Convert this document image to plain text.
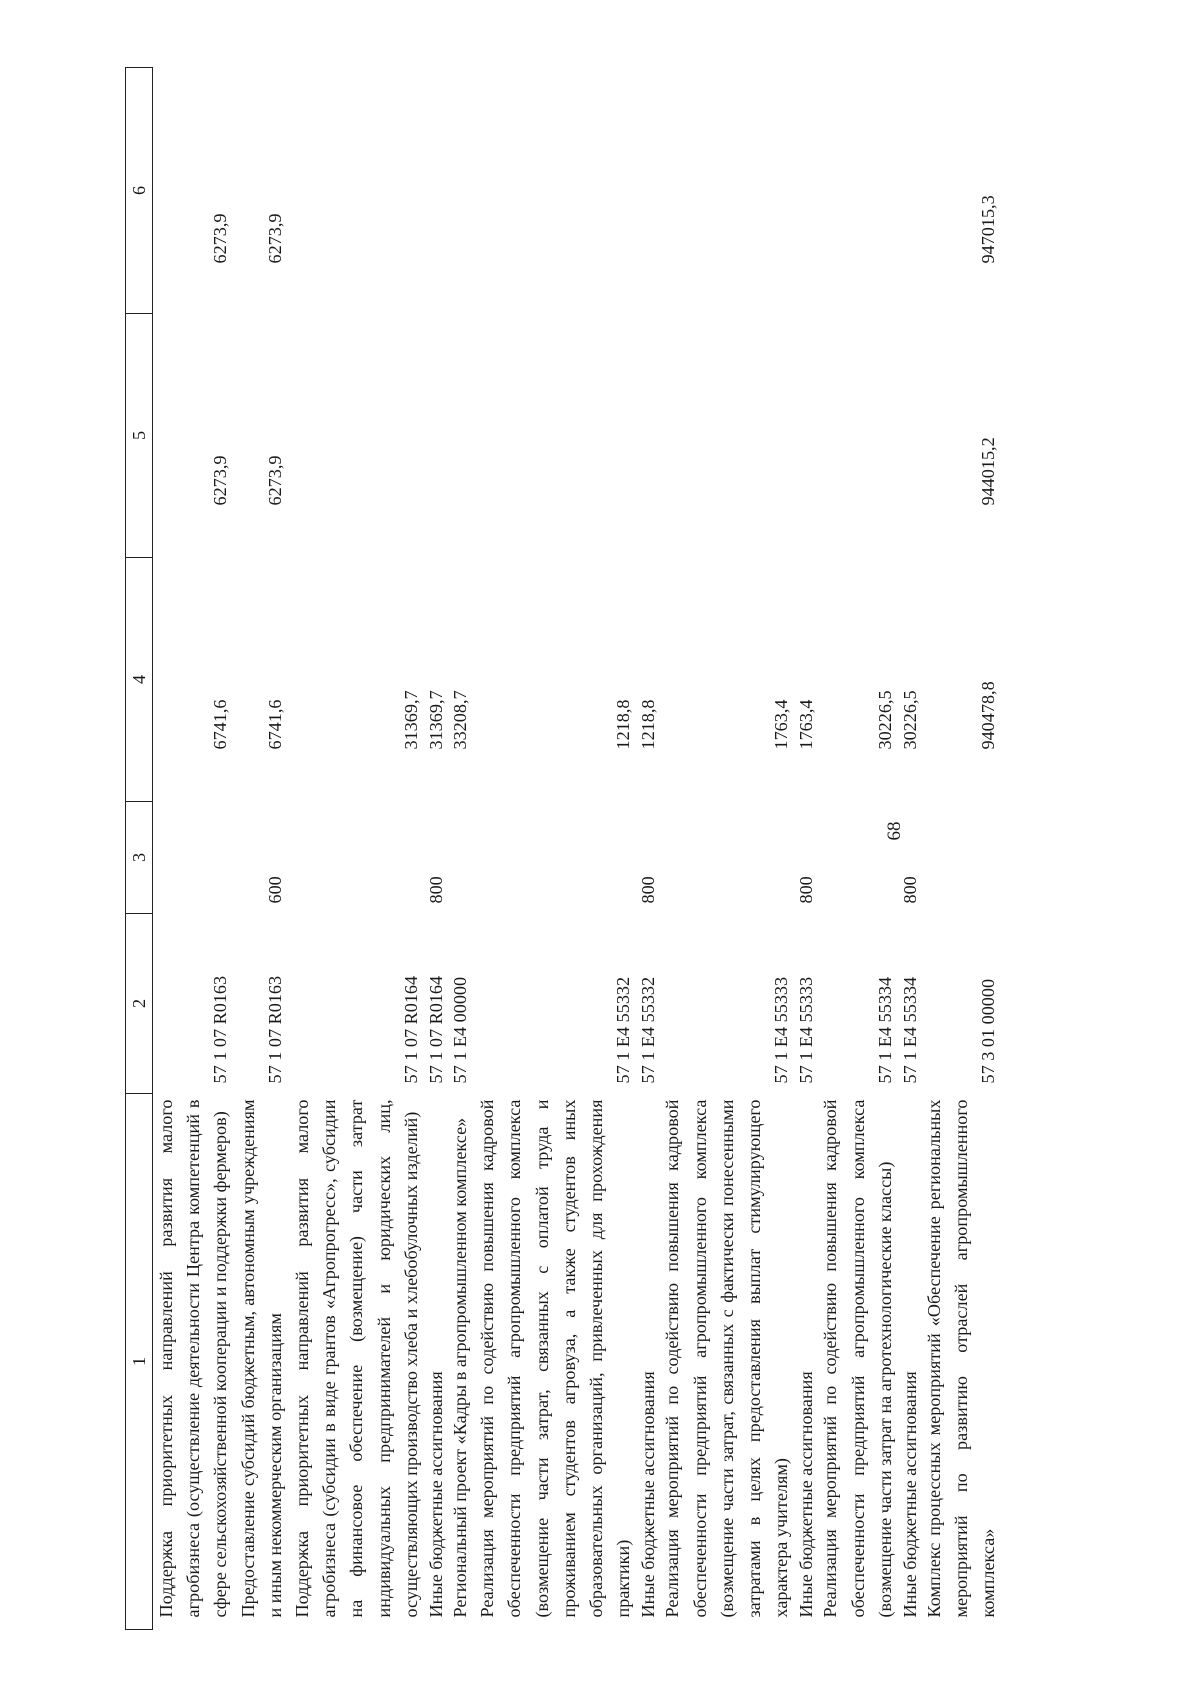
68
1	2	3	4	5	6
Поддержка приоритетных направлений развития малого агробизнеса (осуществление деятельности Центра компетенций в сфере сельскохозяйственной кооперации и поддержки фермеров)	57 1 07 R0163		6741,6	6273,9	6273,9
Предоставление субсидий бюджетным, автономным учреждениям и иным некоммерческим организациям	57 1 07 R0163	600	6741,6	6273,9	6273,9
Поддержка приоритетных направлений развития малого агробизнеса (субсидии в виде грантов «Агропрогресс», субсидии на финансовое обеспечение (возмещение) части затрат индивидуальных предпринимателей и юридических лиц, осуществляющих производство хлеба и хлебобулочных изделий)	57 1 07 R0164		31369,7		
Иные бюджетные ассигнования	57 1 07 R0164	800	31369,7		
Региональный проект «Кадры в агропромышленном комплексе»	57 1 Е4 00000		33208,7		
Реализация мероприятий по содействию повышения кадровой обеспеченности предприятий агропромышленного комплекса (возмещение части затрат, связанных с оплатой труда и проживанием студентов агровуза, а также студентов иных образовательных организаций, привлеченных для прохождения практики)	57 1 Е4 55332		1218,8		
Иные бюджетные ассигнования	57 1 Е4 55332	800	1218,8		
Реализация мероприятий по содействию повышения кадровой обеспеченности предприятий агропромышленного комплекса (возмещение части затрат, связанных с фактически понесенными затратами в целях предоставления выплат стимулирующего характера учителям)	57 1 Е4 55333		1763,4		
Иные бюджетные ассигнования	57 1 Е4 55333	800	1763,4		
Реализация мероприятий по содействию повышения кадровой обеспеченности предприятий агропромышленного комплекса (возмещение части затрат на агротехнологические классы)	57 1 Е4 55334		30226,5		
Иные бюджетные ассигнования	57 1 Е4 55334	800	30226,5		
Комплекс процессных мероприятий «Обеспечение региональных мероприятий по развитию отраслей агропромышленного комплекса»	57 3 01 00000		940478,8	944015,2	947015,3
